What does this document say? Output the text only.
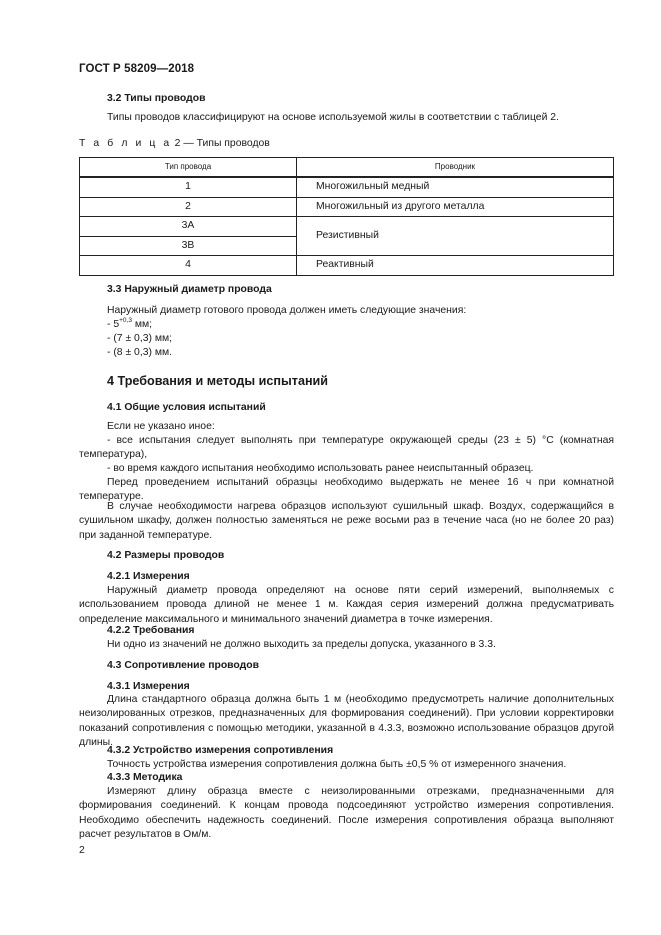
ГОСТ Р 58209—2018
3.2 Типы проводов
Типы проводов классифицируют на основе используемой жилы в соответствии с таблицей 2.
Т а б л и ц а 2 — Типы проводов
Тип провода	Проводник
1	Многожильный медный
2	Многожильный из другого металла
3A	Резистивный
3B	
4	Реактивный
3.3 Наружный диаметр провода
Наружный диаметр готового провода должен иметь следующие значения:
- $5^{+0,3}$ мм;
- (7 ± 0,3) мм;
- (8 ± 0,3) мм.
4 Требования и методы испытаний
4.1 Общие условия испытаний
Если не указано иное:
- все испытания следует выполнять при температуре окружающей среды (23 ± 5) °С (комнатная температура),
- во время каждого испытания необходимо использовать ранее неиспытанный образец.
Перед проведением испытаний образцы необходимо выдержать не менее 16 ч при комнатной температуре.
В случае необходимости нагрева образцов используют сушильный шкаф. Воздух, содержащийся в сушильном шкафу, должен полностью заменяться не реже восьми раз в течение часа (но не более 20 раз) при заданной температуре.
4.2 Размеры проводов
4.2.1 Измерения
Наружный диаметр провода определяют на основе пяти серий измерений, выполняемых с использованием провода длиной не менее 1 м. Каждая серия измерений должна предусматривать определение максимального и минимального значений диаметра в точке измерения.
4.2.2 Требования
Ни одно из значений не должно выходить за пределы допуска, указанного в 3.3.
4.3 Сопротивление проводов
4.3.1 Измерения
Длина стандартного образца должна быть 1 м (необходимо предусмотреть наличие дополнительных неизолированных отрезков, предназначенных для формирования соединений). При условии корректировки показаний сопротивления с помощью методики, указанной в 4.3.3, возможно использование образцов другой длины.
4.3.2 Устройство измерения сопротивления
Точность устройства измерения сопротивления должна быть ±0,5 % от измеренного значения.
4.3.3 Методика
Измеряют длину образца вместе с неизолированными отрезками, предназначенными для формирования соединений. К концам провода подсоединяют устройство измерения сопротивления. Необходимо обеспечить надежность соединений. После измерения сопротивления образца выполняют расчет результатов в Ом/м.
2
